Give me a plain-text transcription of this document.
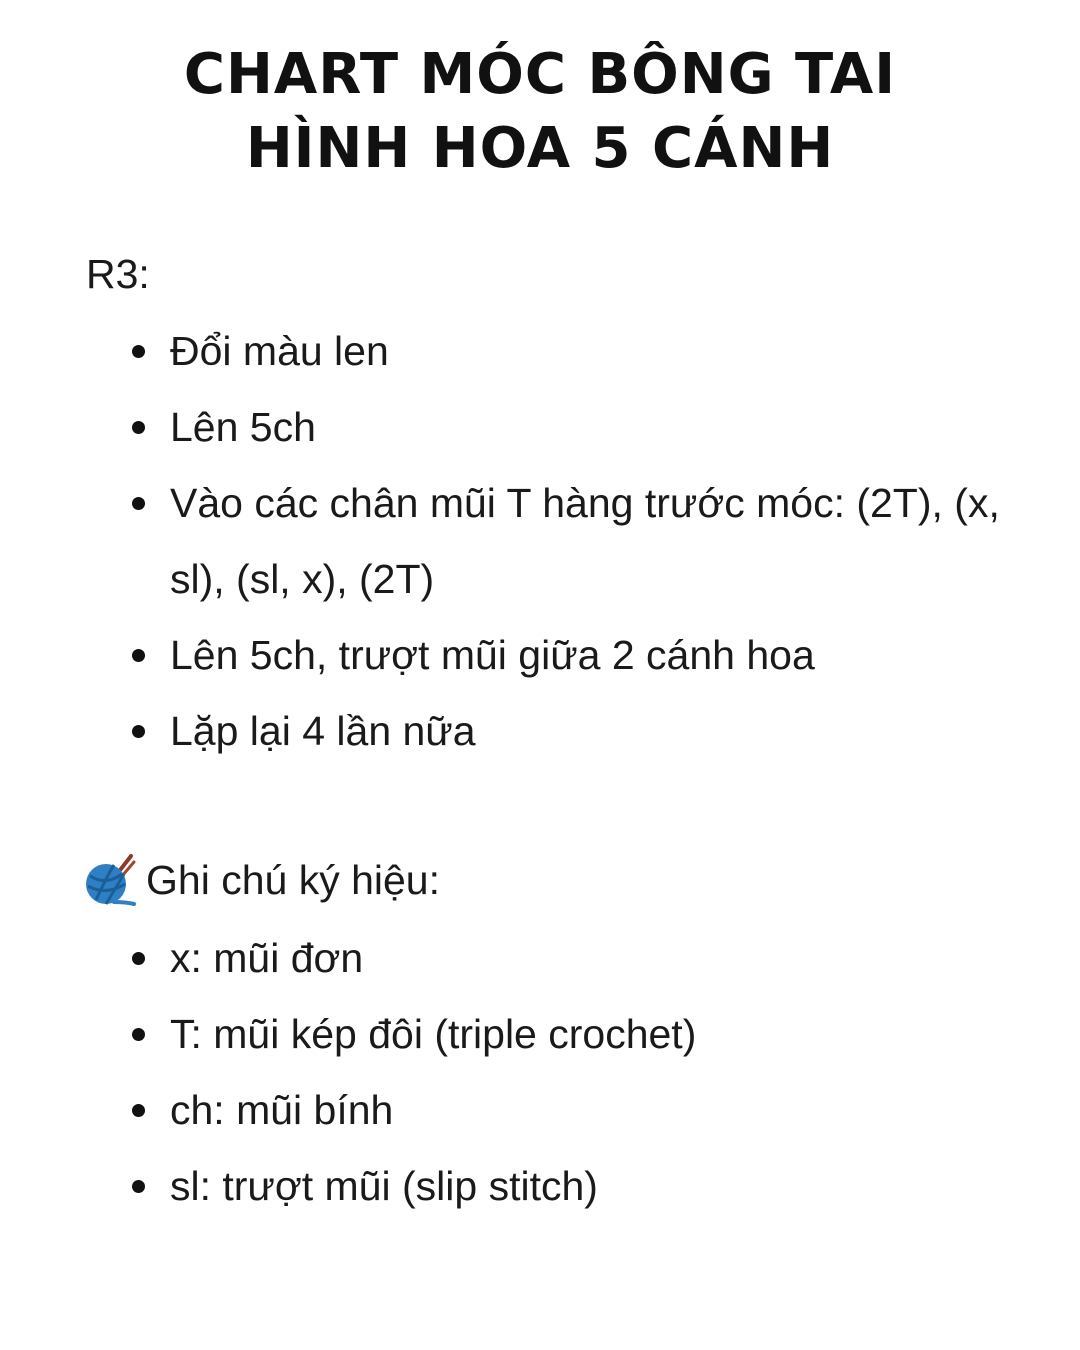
CHART MÓC BÔNG TAI
HÌNH HOA 5 CÁNH
R3:
Đổi màu len
Lên 5ch
Vào các chân mũi T hàng trước móc: (2T), (x, sl), (sl, x), (2T)
Lên 5ch, trượt mũi giữa 2 cánh hoa
Lặp lại 4 lần nữa
Ghi chú ký hiệu:
x: mũi đơn
T: mũi kép đôi (triple crochet)
ch: mũi bính
sl: trượt mũi (slip stitch)
